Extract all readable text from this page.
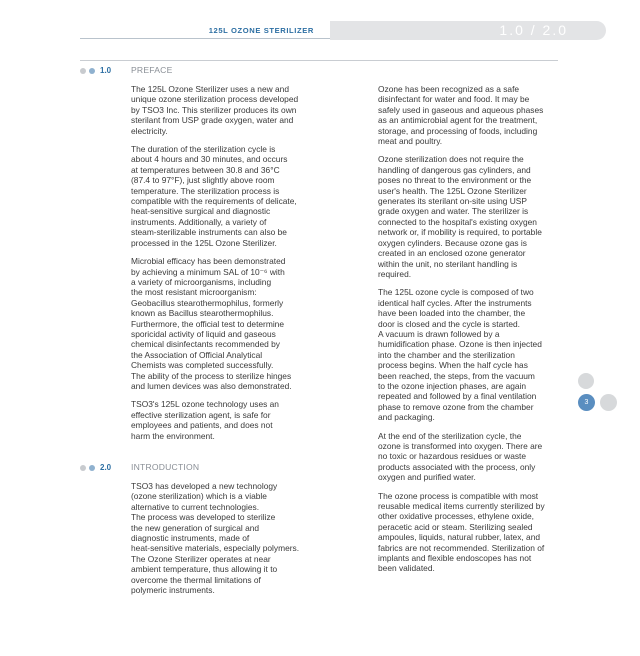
125L OZONE STERILIZER	1.0 / 2.0
1.0 PREFACE

The 125L Ozone Sterilizer uses a new and
unique ozone sterilization process developed
by TSO3 Inc. This sterilizer produces its own
sterilant from USP grade oxygen, water and
electricity.

The duration of the sterilization cycle is
about 4 hours and 30 minutes, and occurs
at temperatures between 30.8 and 36°C
(87.4 to 97°F), just slightly above room
temperature. The sterilization process is
compatible with the requirements of delicate,
heat-sensitive surgical and diagnostic
instruments. Additionally, a variety of
steam-sterilizable instruments can also be
processed in the 125L Ozone Sterilizer.

Microbial efficacy has been demonstrated
by achieving a minimum SAL of 10⁻⁶ with
a variety of microorganisms, including
the most resistant microorganism:
Geobacillus stearothermophilus, formerly
known as Bacillus stearothermophilus.
Furthermore, the official test to determine
sporicidal activity of liquid and gaseous
chemical disinfectants recommended by
the Association of Official Analytical
Chemists was completed successfully.
The ability of the process to sterilize hinges
and lumen devices was also demonstrated.

TSO3's 125L ozone technology uses an
effective sterilization agent, is safe for
employees and patients, and does not
harm the environment.

2.0 INTRODUCTION

TSO3 has developed a new technology
(ozone sterilization) which is a viable
alternative to current technologies.
The process was developed to sterilize
the new generation of surgical and
diagnostic instruments, made of
heat-sensitive materials, especially polymers.
The Ozone Sterilizer operates at near
ambient temperature, thus allowing it to
overcome the thermal limitations of
polymeric instruments.

Ozone has been recognized as a safe
disinfectant for water and food. It may be
safely used in gaseous and aqueous phases
as an antimicrobial agent for the treatment,
storage, and processing of foods, including
meat and poultry.

Ozone sterilization does not require the
handling of dangerous gas cylinders, and
poses no threat to the environment or the
user's health. The 125L Ozone Sterilizer
generates its sterilant on-site using USP
grade oxygen and water. The sterilizer is
connected to the hospital's existing oxygen
network or, if mobility is required, to portable
oxygen cylinders. Because ozone gas is
created in an enclosed ozone generator
within the unit, no sterilant handling is
required.

The 125L ozone cycle is composed of two
identical half cycles. After the instruments
have been loaded into the chamber, the
door is closed and the cycle is started.
A vacuum is drawn followed by a
humidification phase. Ozone is then injected
into the chamber and the sterilization
process begins. When the half cycle has
been reached, the steps, from the vacuum
to the ozone injection phases, are again
repeated and followed by a final ventilation
phase to remove ozone from the chamber
and packaging.

At the end of the sterilization cycle, the
ozone is transformed into oxygen. There are
no toxic or hazardous residues or waste
products associated with the process, only
oxygen and purified water.

The ozone process is compatible with most
reusable medical items currently sterilized by
other oxidative processes, ethylene oxide,
peracetic acid or steam. Sterilizing sealed
ampoules, liquids, natural rubber, latex, and
fabrics are not recommended. Sterilization of
implants and flexible endoscopes has not
been validated.

3
